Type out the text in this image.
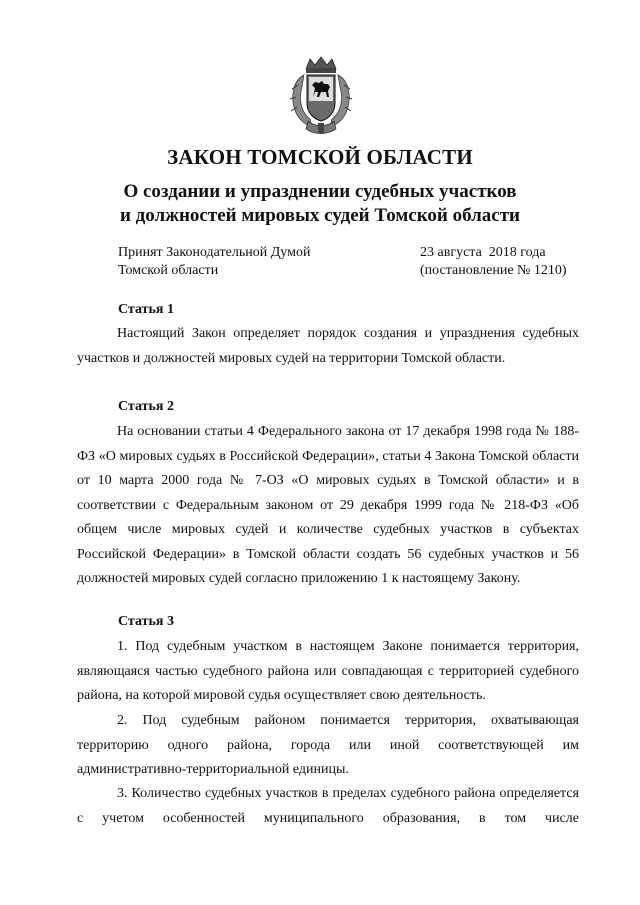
ЗАКОН ТОМСКОЙ ОБЛАСТИ
О создании и упразднении судебных участков
и должностей мировых судей Томской области
Принят Законодательной Думой
Томской области
23 августа  2018 года
(постановление № 1210)
Статья 1
Настоящий Закон определяет порядок создания и упразднения судебных участков и должностей мировых судей на территории Томской области.
Статья 2
На основании статьи 4 Федерального закона от 17 декабря 1998 года № 188-ФЗ «О мировых судьях в Российской Федерации», статьи 4 Закона Томской области от 10 марта 2000 года № 7-ОЗ «О мировых судьях в Томской области» и в соответствии с Федеральным законом от 29 декабря 1999 года № 218-ФЗ «Об общем числе мировых судей и количестве судебных участков в субъектах Российской Федерации» в Томской области создать 56 судебных участков и 56 должностей мировых судей согласно приложению 1 к настоящему Закону.
Статья 3
1. Под судебным участком в настоящем Законе понимается территория, являющаяся частью судебного района или совпадающая с территорией судебного района, на которой мировой судья осуществляет свою деятельность.
2. Под судебным районом понимается территория, охватывающая территорию одного района, города или иной соответствующей им административно-территориальной единицы.
3. Количество судебных участков в пределах судебного района определяется с учетом особенностей муниципального образования, в том числе
